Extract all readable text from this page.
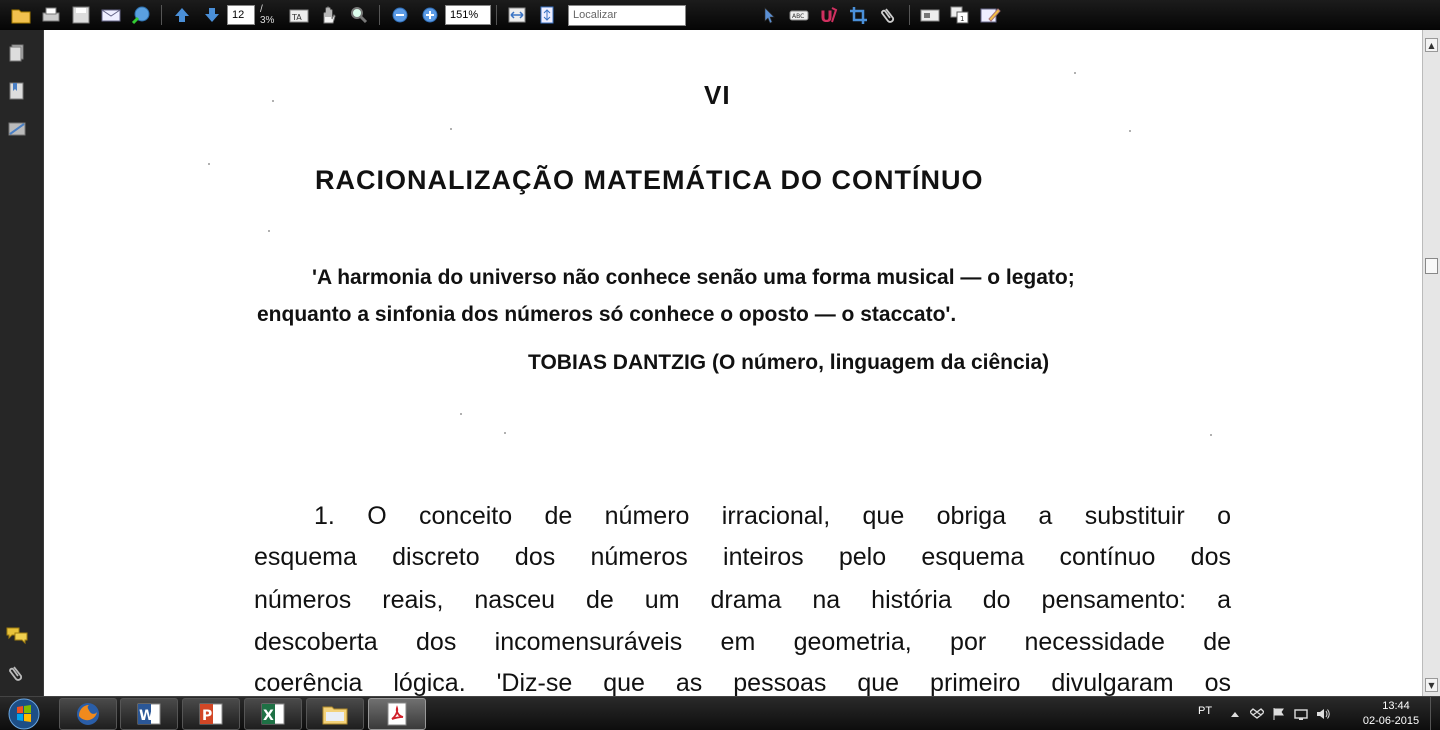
12	/ 3%	TA	151%	Localizar	ABC U	1
VI
RACIONALIZAÇÃO MATEMÁTICA DO CONTÍNUO
'A harmonia do universo não conhece senão uma forma musical — o legato;
enquanto a sinfonia dos números só conhece o oposto — o staccato'.
TOBIAS DANTZIG (O número, linguagem da ciência)
1. O conceito de número irracional, que obriga a substituir o
esquema discreto dos números inteiros pelo esquema contínuo dos
números reais, nasceu de um drama na história do pensamento: a
descoberta dos incomensuráveis em geometria, por necessidade de
coerência lógica. 'Diz-se que as pessoas que primeiro divulgaram os
▲
▼
W	P	X	PT	13:44
02-06-2015
